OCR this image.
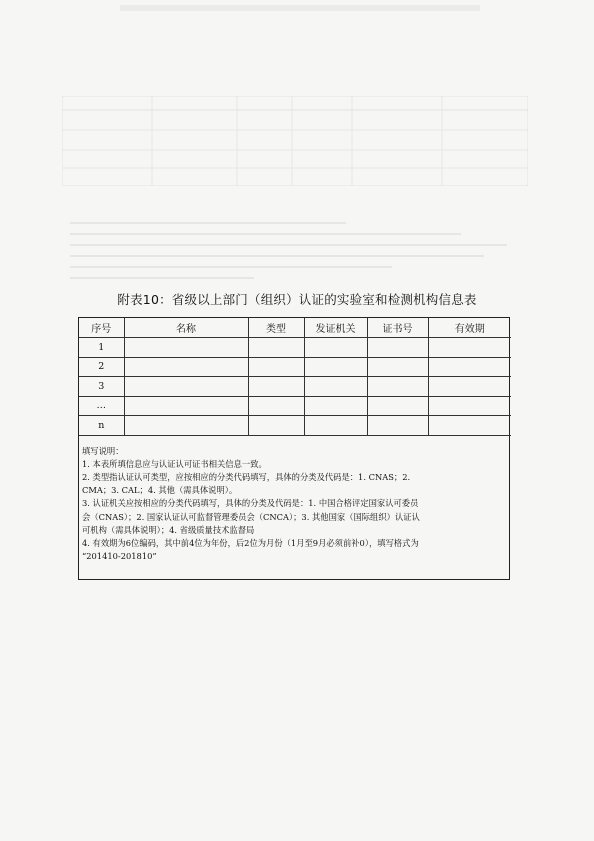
附表10：省级以上部门（组织）认证的实验室和检测机构信息表
序号	名称	类型	发证机关	证书号	有效期
1					
2					
3					
…					
n					
填写说明：
1. 本表所填信息应与认证认可证书相关信息一致。
2. 类型指认证认可类型，应按相应的分类代码填写，具体的分类及代码是：1. CNAS；2.
CMA；3. CAL；4. 其他（需具体说明）。
3. 认证机关应按相应的分类代码填写，具体的分类及代码是：1. 中国合格评定国家认可委员
会（CNAS）；2. 国家认证认可监督管理委员会（CNCA）；3. 其他国家（国际组织）认证认
可机构（需具体说明）；4. 省级质量技术监督局
4. 有效期为6位编码，其中前4位为年份，后2位为月份（1月至9月必须前补0），填写格式为
“201410-201810”
